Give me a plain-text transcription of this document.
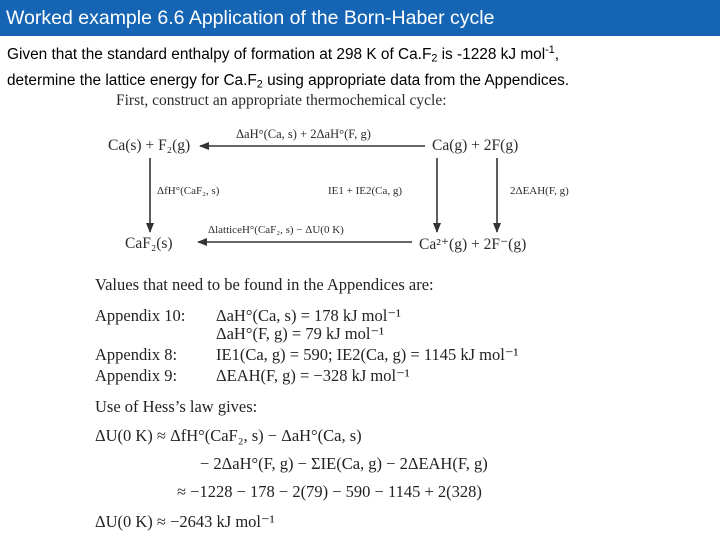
Worked example 6.6 Application of the Born-Haber cycle

Given that the standard enthalpy of formation at 298 K of $Ca.F_2$ is -1228 kJ mol$^{-1}$,

determine the lattice energy for $Ca.F_2$ using appropriate data from the Appendices.

First, construct an appropriate thermochemical cycle:
Ca(s) + F₂(g)	Ca(g) + 2F(g)
ΔaH°(Ca, s) + 2ΔaH°(F, g)
ΔfH°(CaF₂, s)	IE1 + IE2(Ca, g)	2ΔEAH(F, g)
CaF₂(s)	Ca²⁺(g) + 2F⁻(g)
ΔlatticeH°(CaF₂, s) − ΔU(0 K)
Values that need to be found in the Appendices are:
Appendix 10: ΔaH°(Ca, s) = 178 kJ mol⁻¹
ΔaH°(F, g) = 79 kJ mol⁻¹
Appendix 8: IE1(Ca, g) = 590; IE2(Ca, g) = 1145 kJ mol⁻¹
Appendix 9: ΔEAH(F, g) = −328 kJ mol⁻¹
Use of Hess’s law gives:
ΔU(0 K) ≈ ΔfH°(CaF₂, s) − ΔaH°(Ca, s)
− 2ΔaH°(F, g) − ΣIE(Ca, g) − 2ΔEAH(F, g)
≈ −1228 − 178 − 2(79) − 590 − 1145 + 2(328)
ΔU(0 K) ≈ −2643 kJ mol⁻¹
